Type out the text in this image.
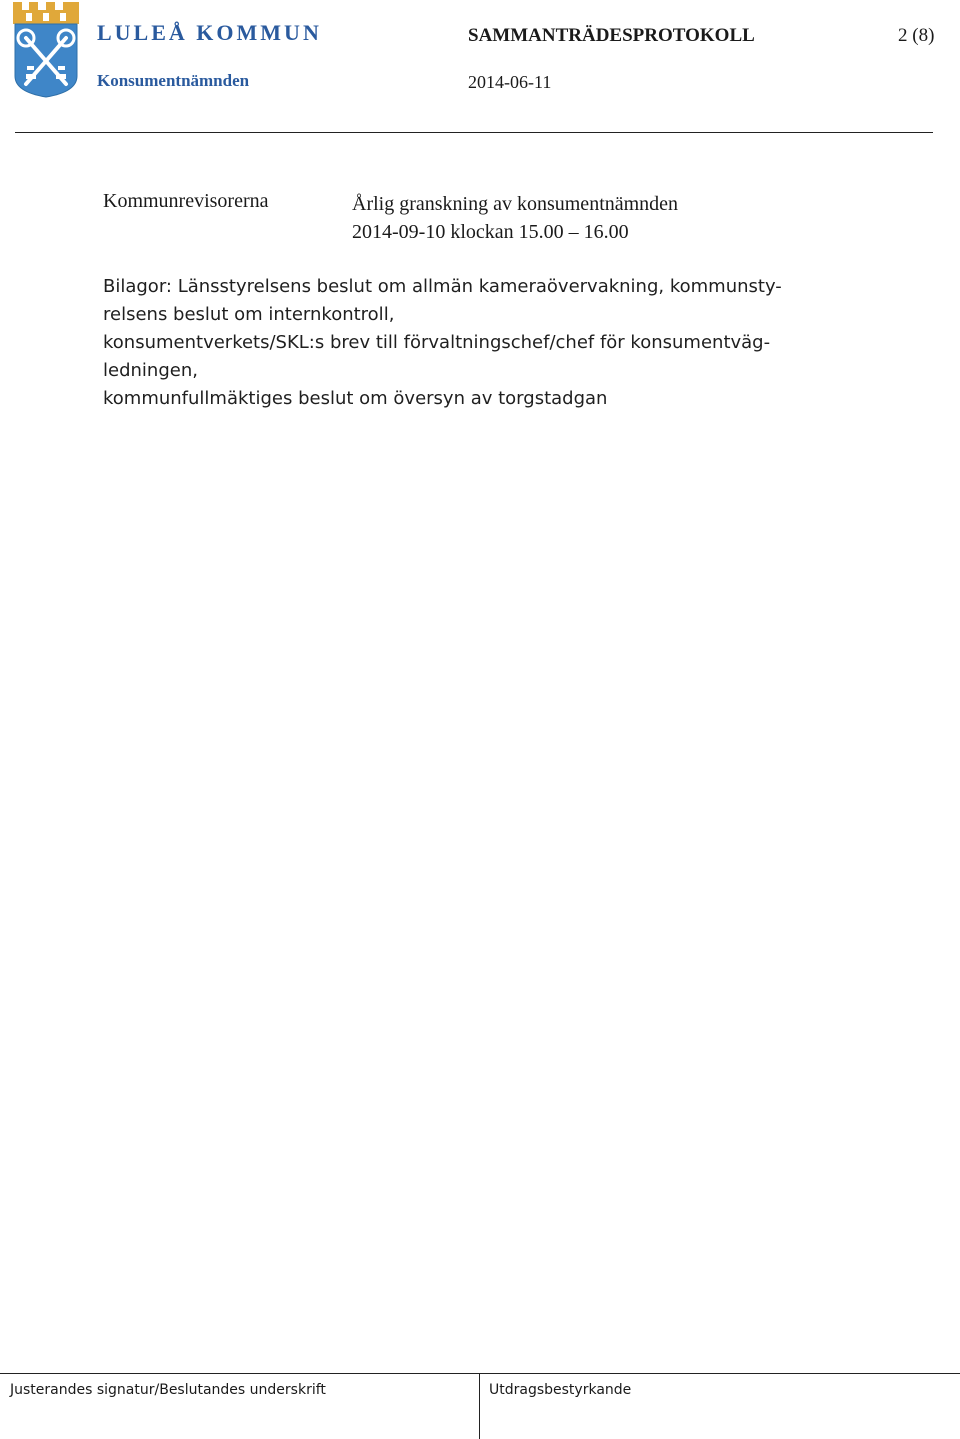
LULEÅ KOMMUN
Konsumentnämnden
SAMMANTRÄDESPROTOKOLL	2 (8)
2014-06-11
Kommunrevisorerna	Årlig granskning av konsumentnämnden
2014-09-10 klockan 15.00 – 16.00
Bilagor: Länsstyrelsens beslut om allmän kameraövervakning, kommunsty-
relsens beslut om internkontroll,
konsumentverkets/SKL:s brev till förvaltningschef/chef för konsumentväg-
ledningen,
kommunfullmäktiges beslut om översyn av torgstadgan
Justerandes signatur/Beslutandes underskrift	Utdragsbestyrkande
